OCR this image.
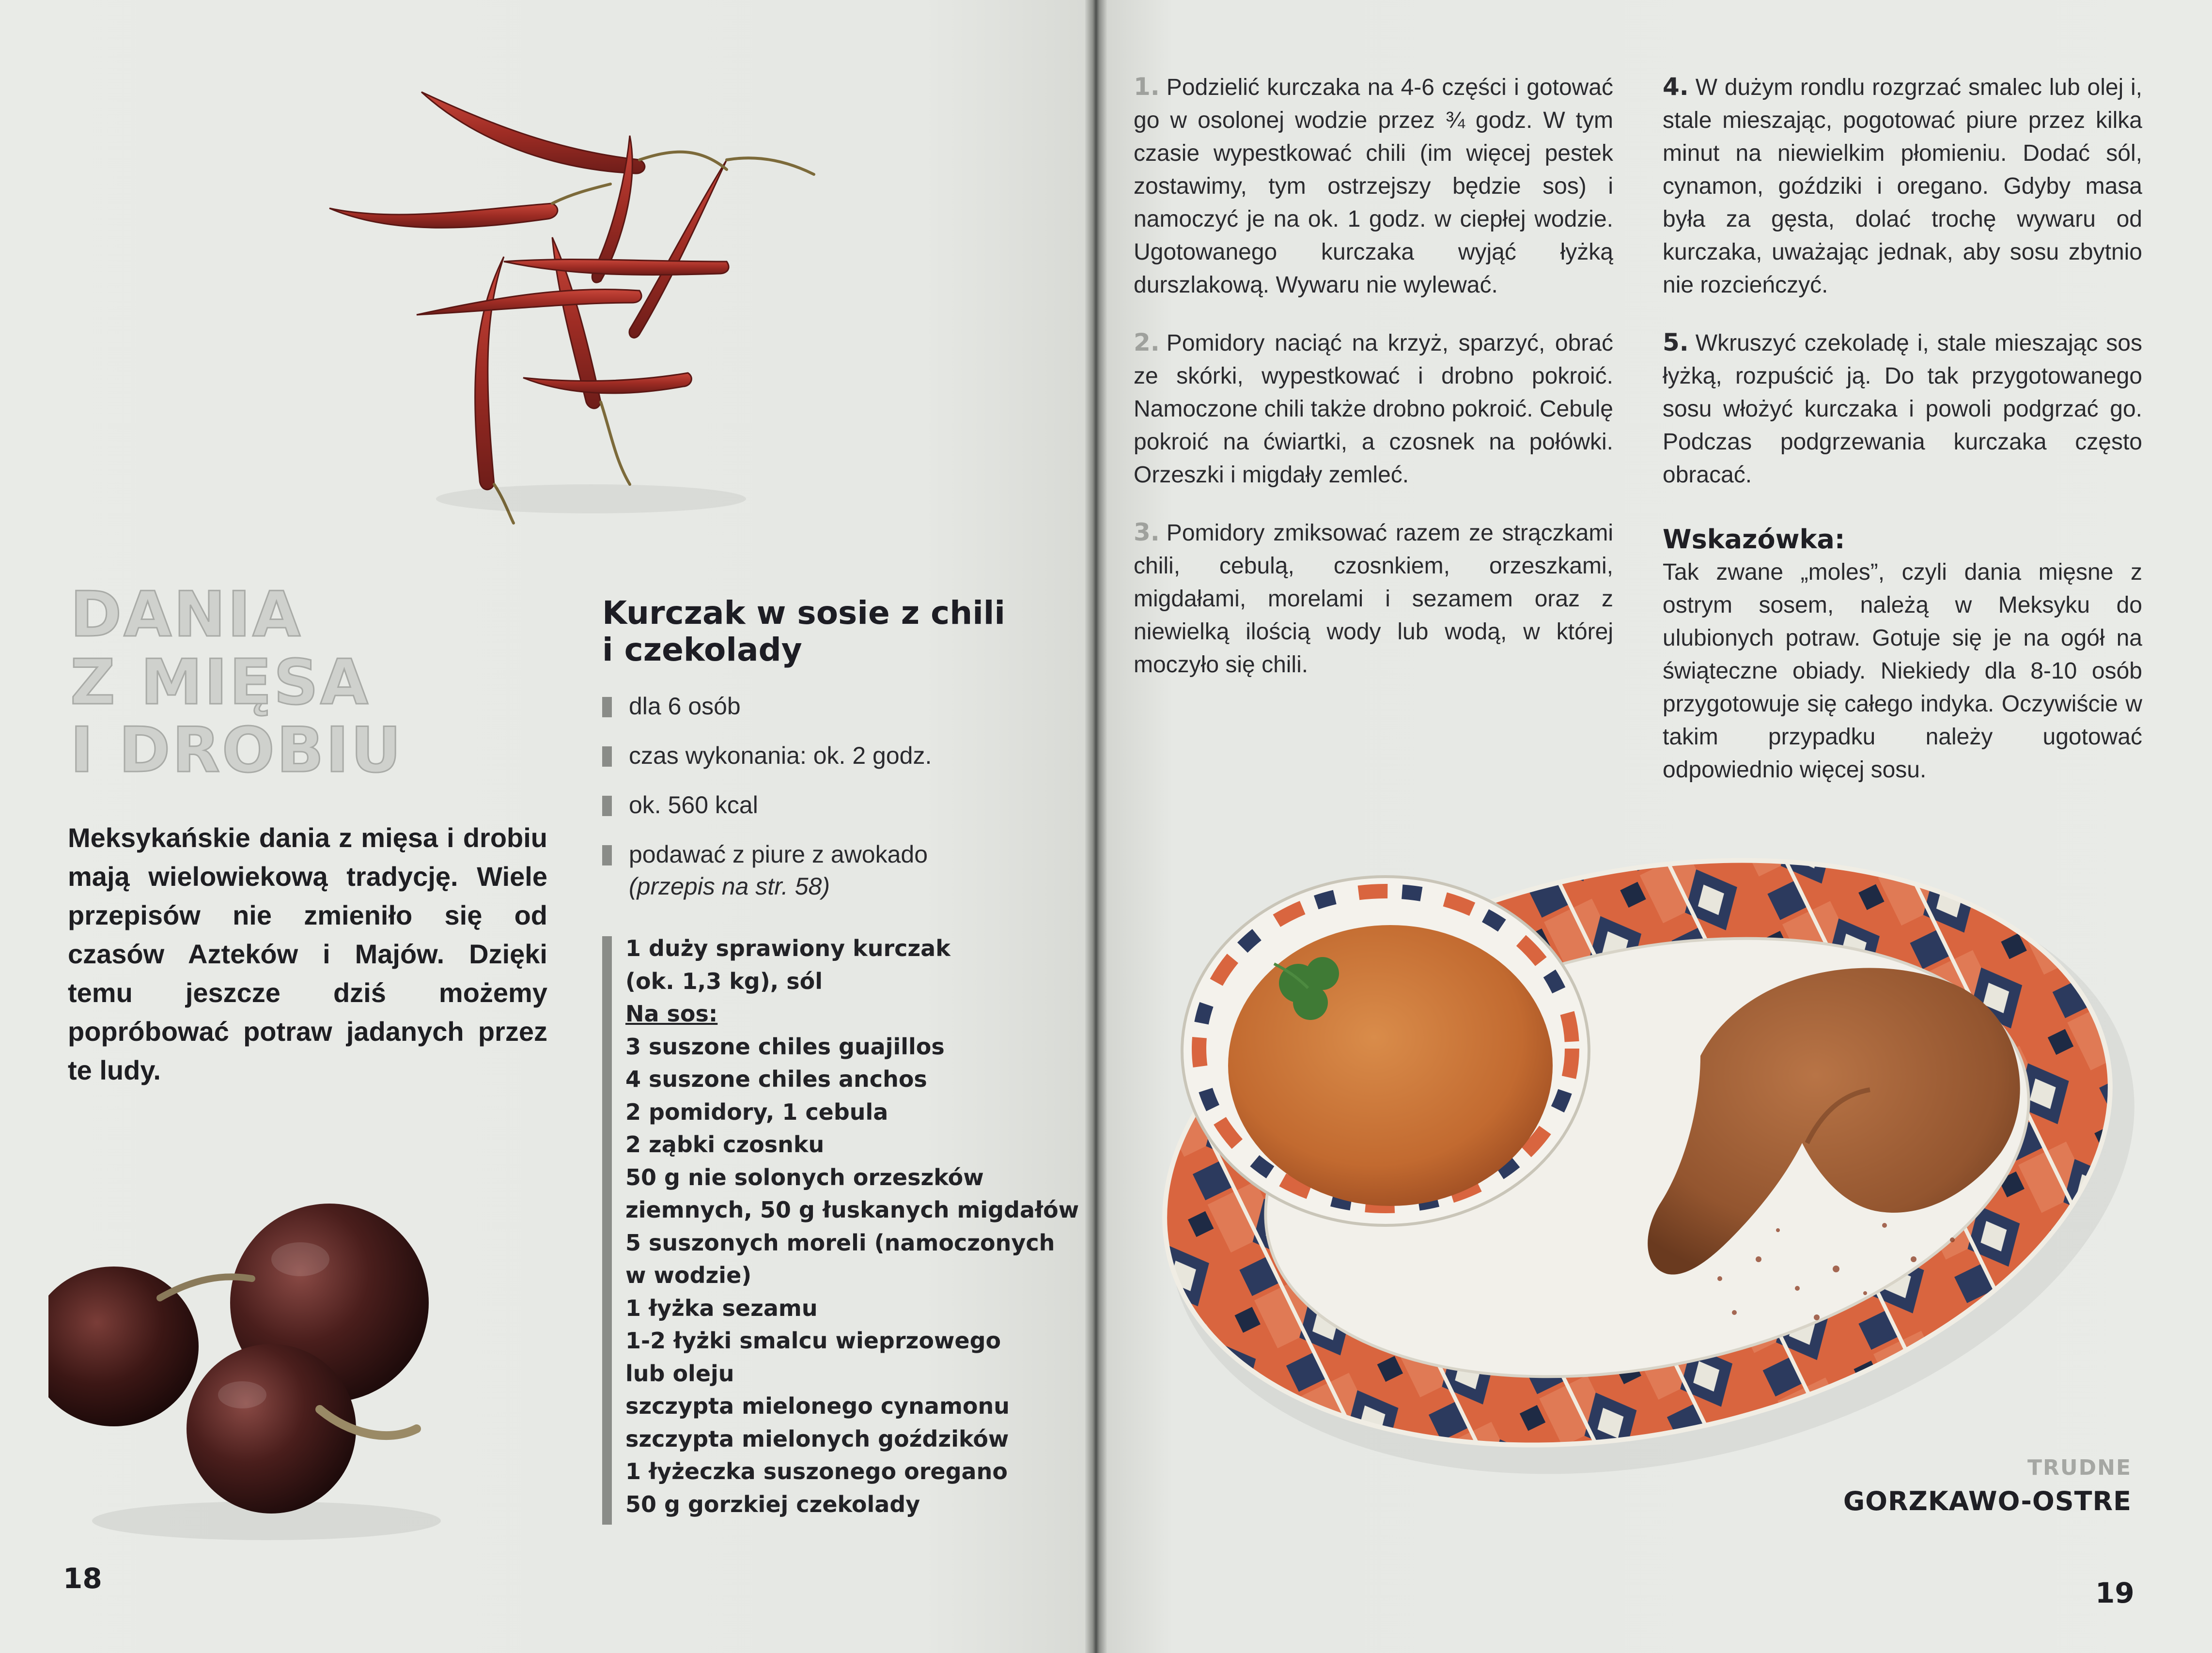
DANIA
Z MIĘSA
I DROBIU
Meksykańskie dania z mięsa i drobiu mają wielowiekową tradycję. Wiele przepisów nie zmieniło się od czasów Azteków i Majów. Dzięki temu jeszcze dziś możemy popróbować potraw jadanych przez te ludy.
Kurczak w sosie z chili
i czekolady
dla 6 osób
czas wykonania: ok. 2 godz.
ok. 560 kcal
podawać z piure z awokado
(przepis na str. 58)
1 duży sprawiony kurczak
(ok. 1,3 kg), sól
Na sos:
3 suszone chiles guajillos
4 suszone chiles anchos
2 pomidory, 1 cebula
2 ząbki czosnku
50 g nie solonych orzeszków
ziemnych, 50 g łuskanych migdałów
5 suszonych moreli (namoczonych
w wodzie)
1 łyżka sezamu
1-2 łyżki smalcu wieprzowego
lub oleju
szczypta mielonego cynamonu
szczypta mielonych goździków
1 łyżeczka suszonego oregano
50 g gorzkiej czekolady
18

1. Podzielić kurczaka na 4-6 części i gotować go w osolonej wodzie przez ¾ godz. W tym czasie wypestkować chili (im więcej pestek zostawimy, tym ostrzejszy będzie sos) i namoczyć je na ok. 1 godz. w ciepłej wodzie. Ugotowanego kurczaka wyjąć łyżką durszlakową. Wywaru nie wylewać.

2. Pomidory naciąć na krzyż, sparzyć, obrać ze skórki, wypestkować i drobno pokroić. Namoczone chili także drobno pokroić. Cebulę pokroić na ćwiartki, a czosnek na połówki. Orzeszki i migdały zemleć.

3. Pomidory zmiksować razem ze strączkami chili, cebulą, czosnkiem, orzeszkami, migdałami, morelami i sezamem oraz z niewielką ilością wody lub wodą, w której moczyło się chili.

4. W dużym rondlu rozgrzać smalec lub olej i, stale mieszając, pogotować piure przez kilka minut na niewielkim płomieniu. Dodać sól, cynamon, goździki i oregano. Gdyby masa była za gęsta, dolać trochę wywaru od kurczaka, uważając jednak, aby sosu zbytnio nie rozcieńczyć.

5. Wkruszyć czekoladę i, stale mieszając sos łyżką, rozpuścić ją. Do tak przygotowanego sosu włożyć kurczaka i powoli podgrzać go. Podczas podgrzewania kurczaka często obracać.

Wskazówka:
Tak zwane „moles”, czyli dania mięsne z ostrym sosem, należą w Meksyku do ulubionych potraw. Gotuje się je na ogół na świąteczne obiady. Niekiedy dla 8-10 osób przygotowuje się całego indyka. Oczywiście w takim przypadku należy ugotować odpowiednio więcej sosu.
TRUDNE
GORZKAWO-OSTRE
19
